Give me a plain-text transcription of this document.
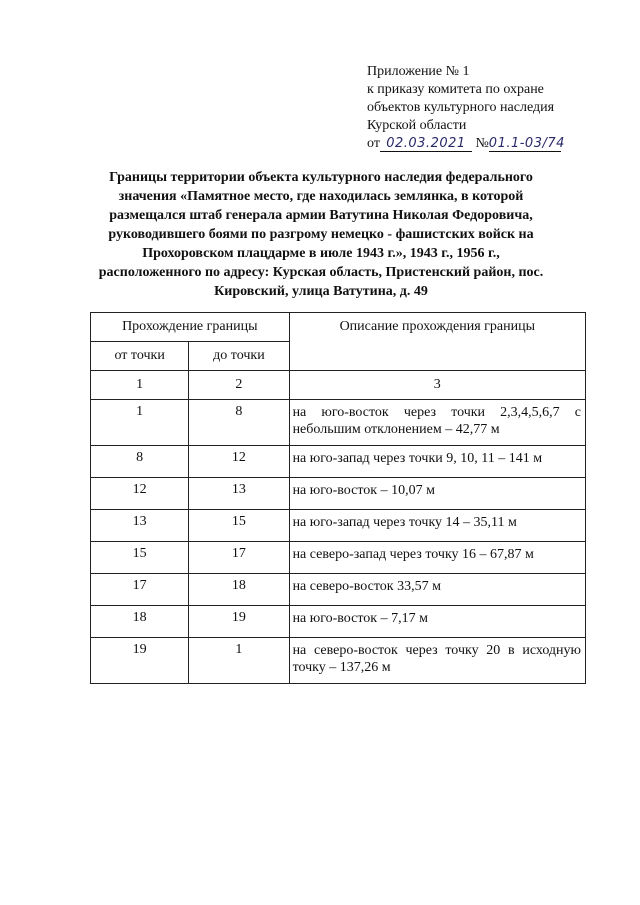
Приложение № 1
к приказу комитета по охране
объектов культурного наследия
Курской области
от 02.03.2021 №01.1-03/74
Границы территории объекта культурного наследия федерального значения «Памятное место, где находилась землянка, в которой размещался штаб генерала армии Ватутина Николая Федоровича, руководившего боями по разгрому немецко - фашистских войск на Прохоровском плацдарме в июле 1943 г.», 1943 г., 1956 г., расположенного по адресу: Курская область, Пристенский район, пос. Кировский, улица Ватутина, д. 49
Прохождение границы		Описание прохождения границы
от точки	до точки	
1	2	3
1	8	на юго-восток через точки 2,3,4,5,6,7 с небольшим отклонением – 42,77 м
8	12	на юго-запад через точки 9, 10, 11 – 141 м
12	13	на юго-восток – 10,07 м
13	15	на юго-запад через точку 14 – 35,11 м
15	17	на северо-запад через точку 16 – 67,87 м
17	18	на северо-восток 33,57 м
18	19	на юго-восток – 7,17 м
19	1	на северо-восток через точку 20 в исходную точку – 137,26 м
